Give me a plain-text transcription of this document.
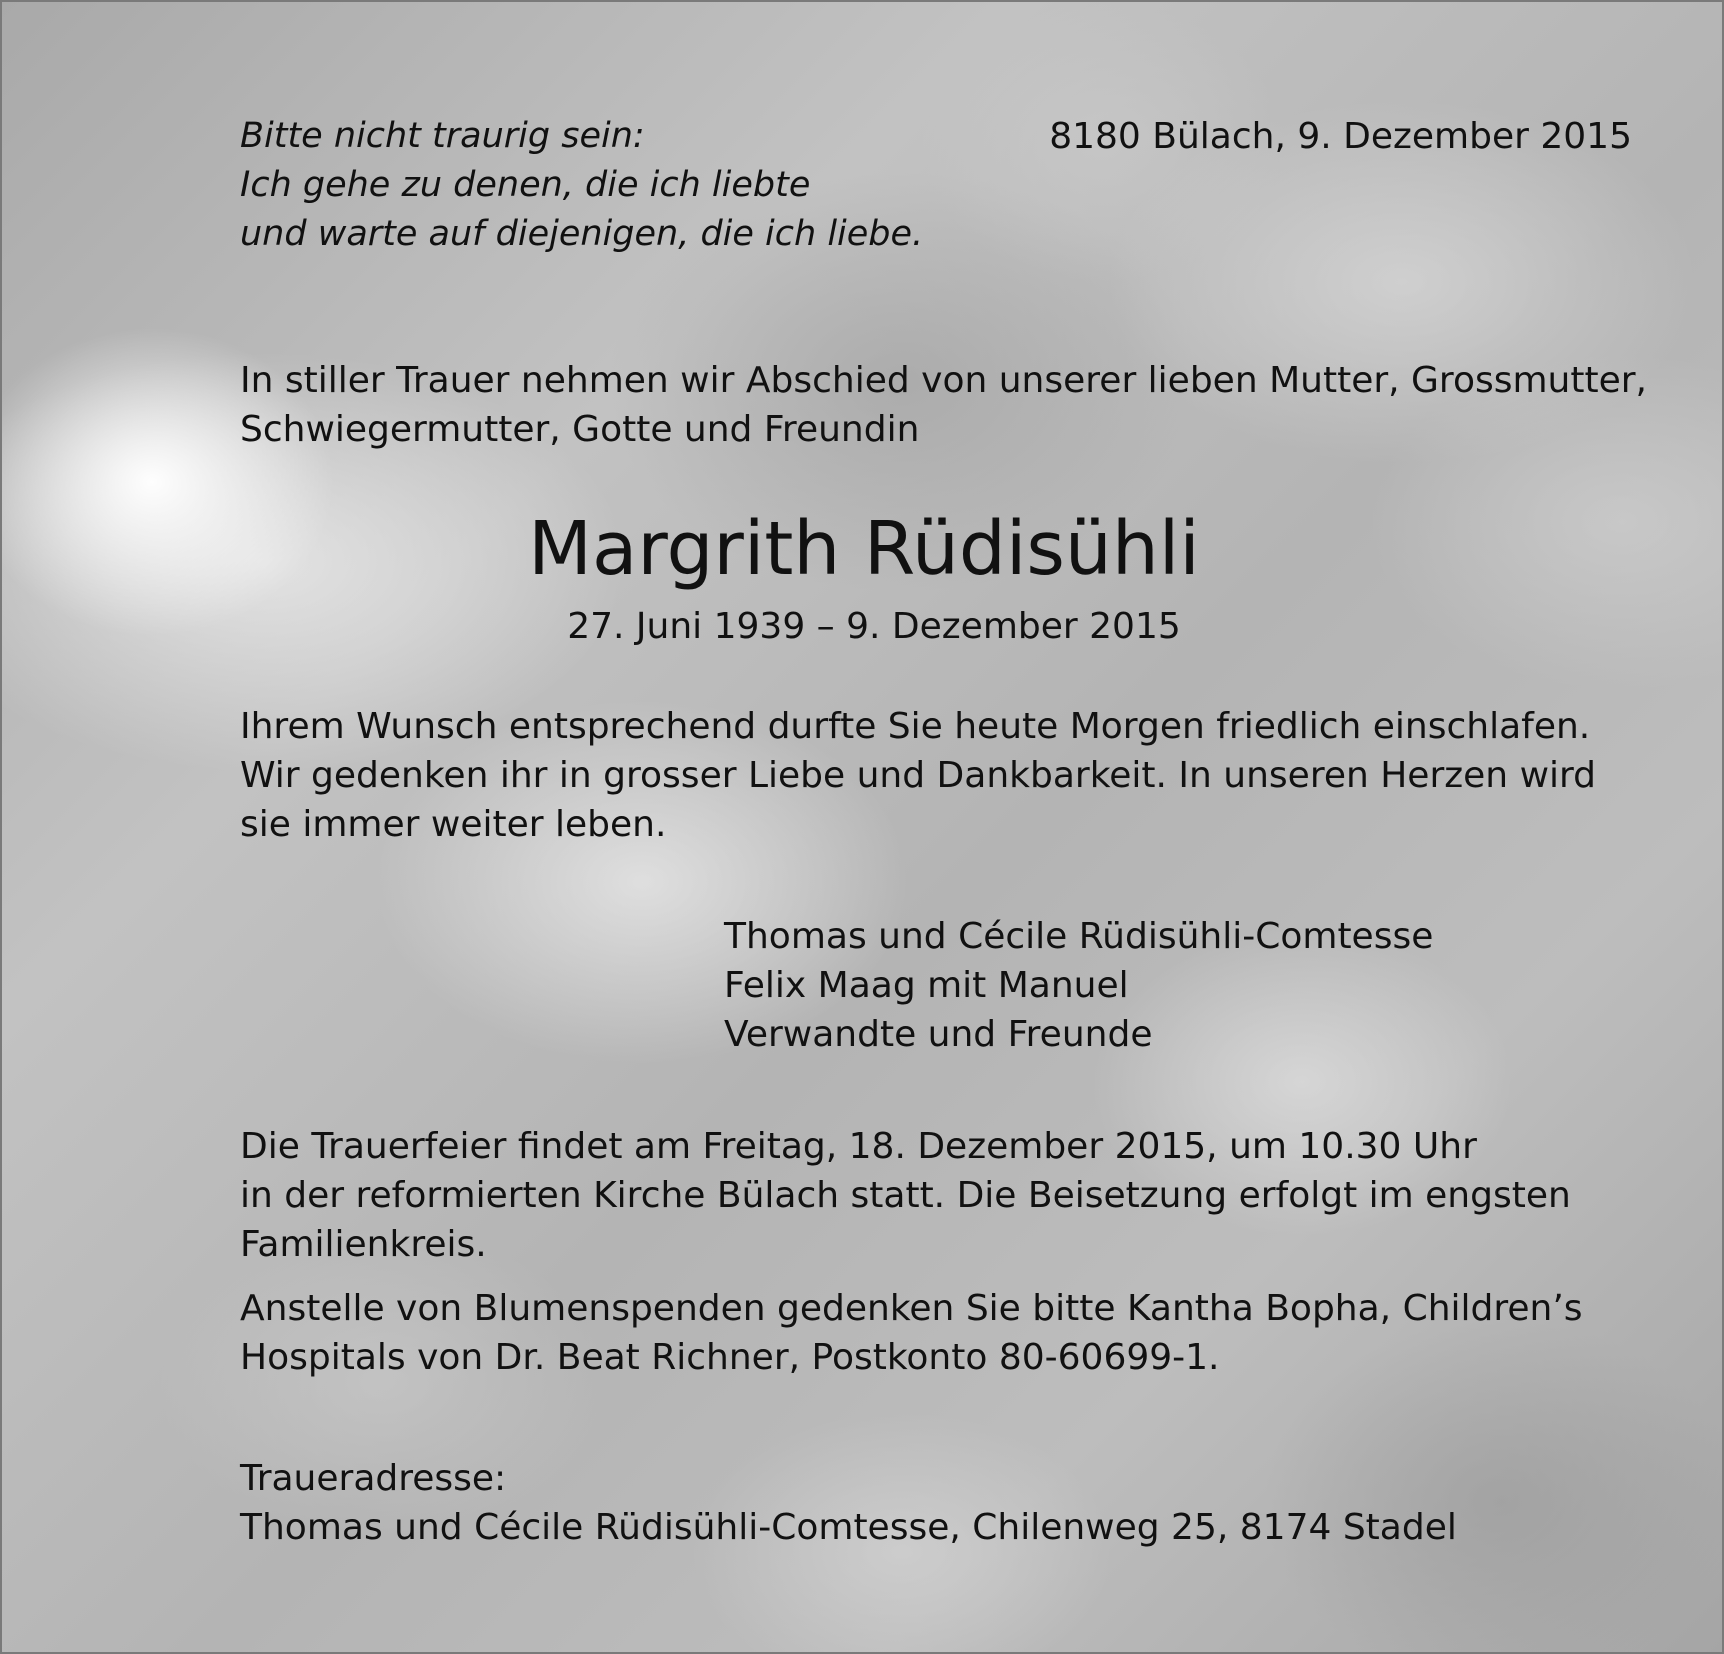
Bitte nicht traurig sein:
Ich gehe zu denen, die ich liebte
und warte auf diejenigen, die ich liebe.
8180 Bülach, 9. Dezember 2015
In stiller Trauer nehmen wir Abschied von unserer lieben Mutter, Grossmutter,
Schwiegermutter, Gotte und Freundin
Margrith Rüdisühli
27. Juni 1939 – 9. Dezember 2015
Ihrem Wunsch entsprechend durfte Sie heute Morgen friedlich einschlafen.
Wir gedenken ihr in grosser Liebe und Dankbarkeit. In unseren Herzen wird
sie immer weiter leben.
Thomas und Cécile Rüdisühli-Comtesse
Felix Maag mit Manuel
Verwandte und Freunde
Die Trauerfeier findet am Freitag, 18. Dezember 2015, um 10.30 Uhr
in der reformierten Kirche Bülach statt. Die Beisetzung erfolgt im engsten
Familienkreis.
Anstelle von Blumenspenden gedenken Sie bitte Kantha Bopha, Children’s
Hospitals von Dr. Beat Richner, Postkonto 80-60699-1.
Traueradresse:
Thomas und Cécile Rüdisühli-Comtesse, Chilenweg 25, 8174 Stadel
